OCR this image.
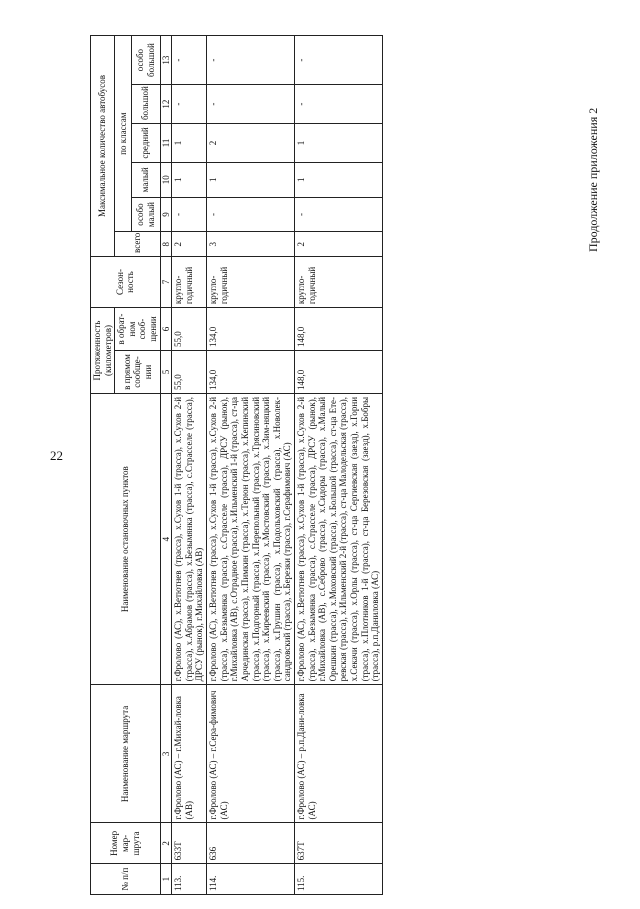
22
Продолжение приложения 2
№ п/п	Номер мар-шрута	Наименование маршрута	Наименование остановочных пунктов	Протяженность (километров)		Сезон-ность	Максимальное количество автобусов					
				в прямом сообще-нии	в обрат-ном сооб-щении		всего	по классам				
								особо малый	малый	средний	большой	особо большой
1	2	3	4	5	6	7	8	9	10	11	12	13
113.	633Т	г.Фролово (АС) – г.Михай-ловка (АВ)	г.Фролово (АС), х.Ветютнев (трасса), х.Сухов 1-й (трасса), х.Сухов 2-й (трасса), х.Абрамов (трасса), х.Безымянка (трасса), с.Страсселе (трасса), ДРСУ (рынок), г.Михайловка (АВ)	55,0	55,0	кругло-годичный	2	-	1	1	-	-
114.	636	г.Фролово (АС) – г.Сера-фимович (АС)	г.Фролово (АС), х.Ветютнев (трасса), х.Сухов 1-й (трасса), х.Сухов 2-й (трасса), х.Безымянка (трасса), с.Страсселе (трасса), ДРСУ (рынок), г.Михайловка (АВ), с.Отрадное (трасса), х.Ильменский 1-й (трасса), ст-ца Арчединская (трасса), х.Пимкин (трасса), х.Терюн (трасса), х.Кепинский (трасса), х.Подгорный (трасса), х.Перепольный (трасса), х.Трясиновский (трасса), х.Киреевский (трасса), х.Мостовский (трасса), х.Зим-няцкий (трасса), х.Грушин (трасса), х.Подольховский (трасса), х.Новолек-сандровский (трасса), х.Березки (трасса), г.Серафимович (АС)	134,0	134,0	кругло-годичный	3	-	1	2	-	-
115.	637Т	г.Фролово (АС) – р.п.Дани-ловка (АС)	г.Фролово (АС), х.Ветютнев (трасса), х.Сухов 1-й (трасса), х.Сухов 2-й (трасса), х.Безымянка (трасса), с.Страсселе (трасса), ДРСУ (рынок), г.Михайловка (АВ), с.Себрово (трасса), х.Сидоры (трасса), х.Малый Орешкин (трасса), х.Моховский (трасса), х.Большой (трасса), ст-ца Ете-ревская (трасса), х.Ильменский 2-й (трасса), ст-ца Малодельская (трасса), х.Секачи (трасса), х.Орлы (трасса), ст-ца Сергиевская (заезд), х.Горни (трасса), х.Плотников 1-й (трасса), ст-ца Березовская (заезд), х.Бобры (трасса), р.п.Даниловка (АС)	148,0	148,0	кругло-годичный	2	-	1	1	-	-
